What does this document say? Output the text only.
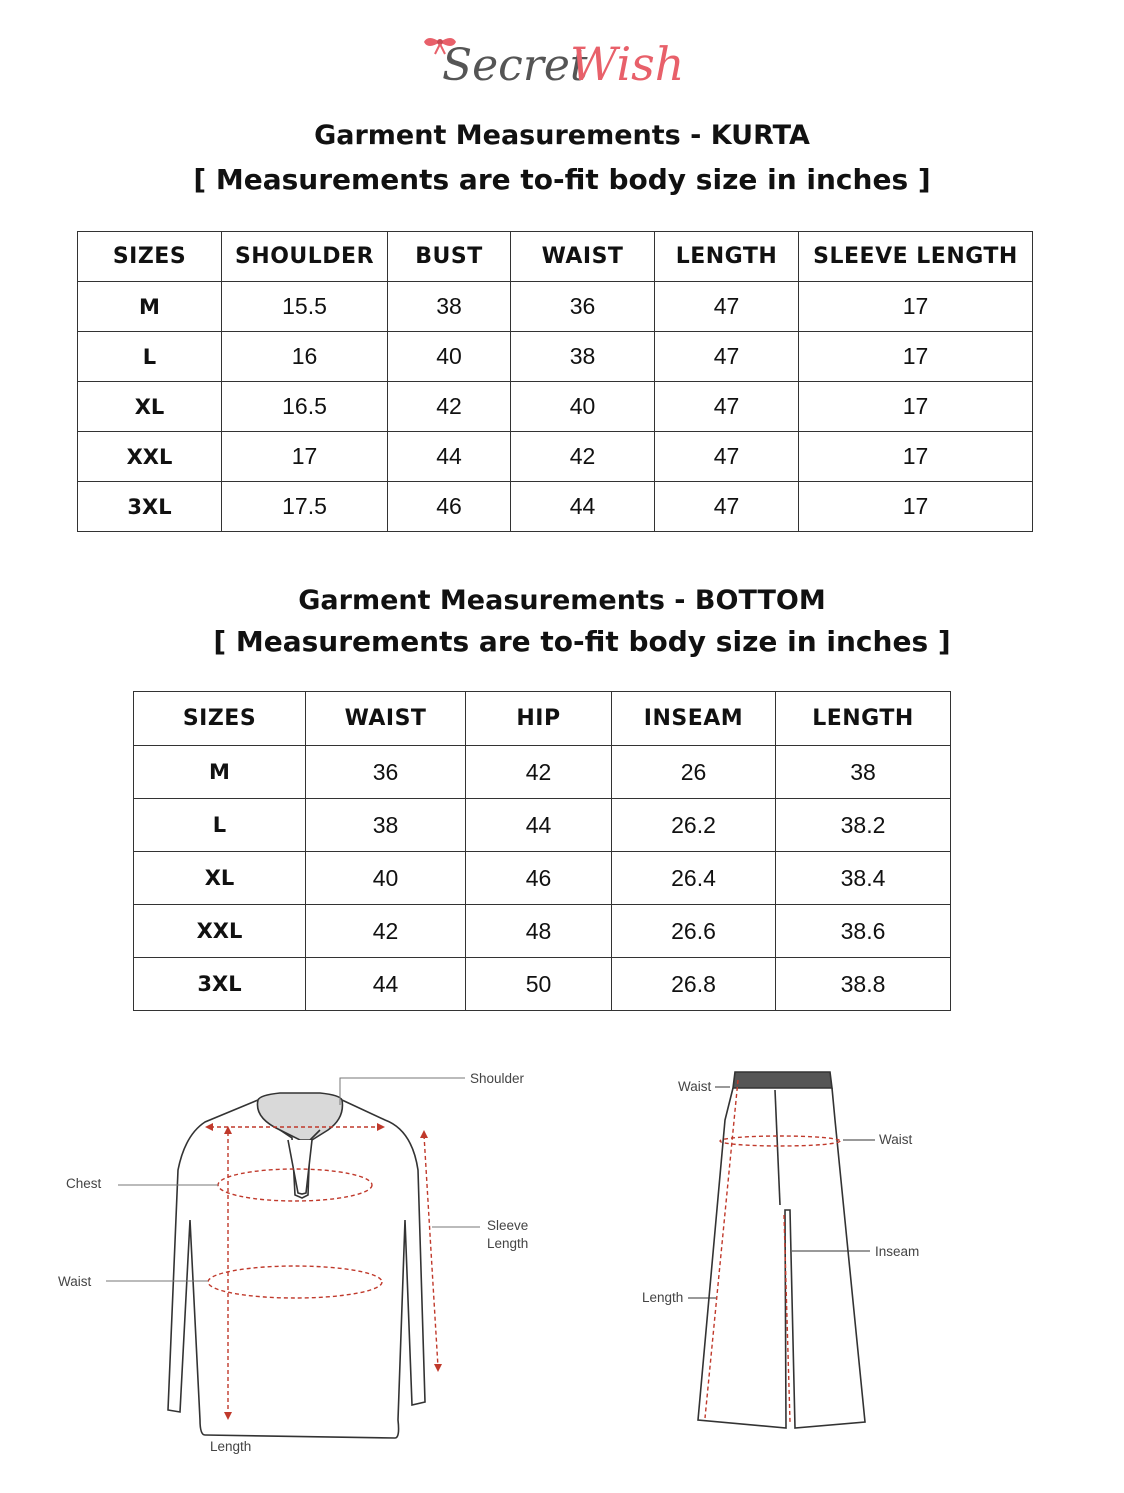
Secret
Wish
Garment Measurements - KURTA
[ Measurements are to-fit body size in inches ]
SIZES	SHOULDER	BUST	WAIST	LENGTH	SLEEVE LENGTH
M	15.5	38	36	47	17
L	16	40	38	47	17
XL	16.5	42	40	47	17
XXL	17	44	42	47	17
3XL	17.5	46	44	47	17
Garment Measurements - BOTTOM
[ Measurements are to-fit body size in inches ]
SIZES	WAIST	HIP	INSEAM	LENGTH
M	36	42	26	38
L	38	44	26.2	38.2
XL	40	46	26.4	38.4
XXL	42	48	26.6	38.6
3XL	44	50	26.8	38.8
Shoulder
Chest
Sleeve
Length
Waist
Length
Waist
Waist
Inseam
Length
